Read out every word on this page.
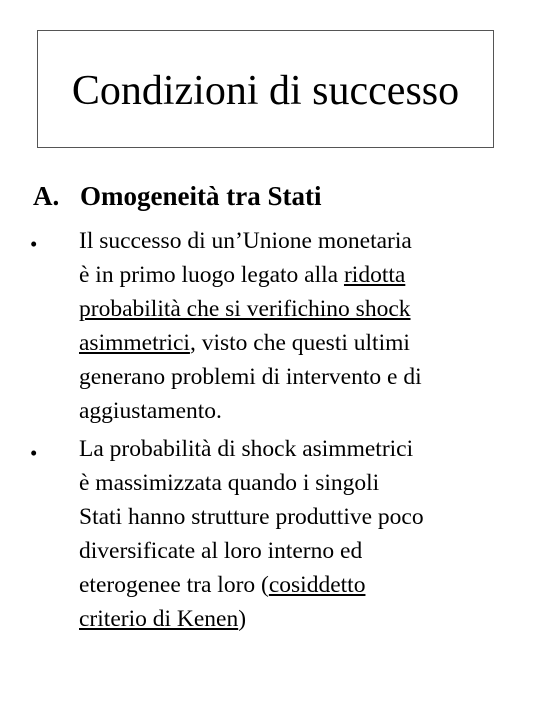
Condizioni di successo
A. Omogeneità tra Stati
• Il successo di un’Unione monetaria
è in primo luogo legato alla ridotta
probabilità che si verifichino shock
asimmetrici, visto che questi ultimi
generano problemi di intervento e di
aggiustamento.

• La probabilità di shock asimmetrici
è massimizzata quando i singoli
Stati hanno strutture produttive poco
diversificate al loro interno ed
eterogenee tra loro (cosiddetto
criterio di Kenen)
